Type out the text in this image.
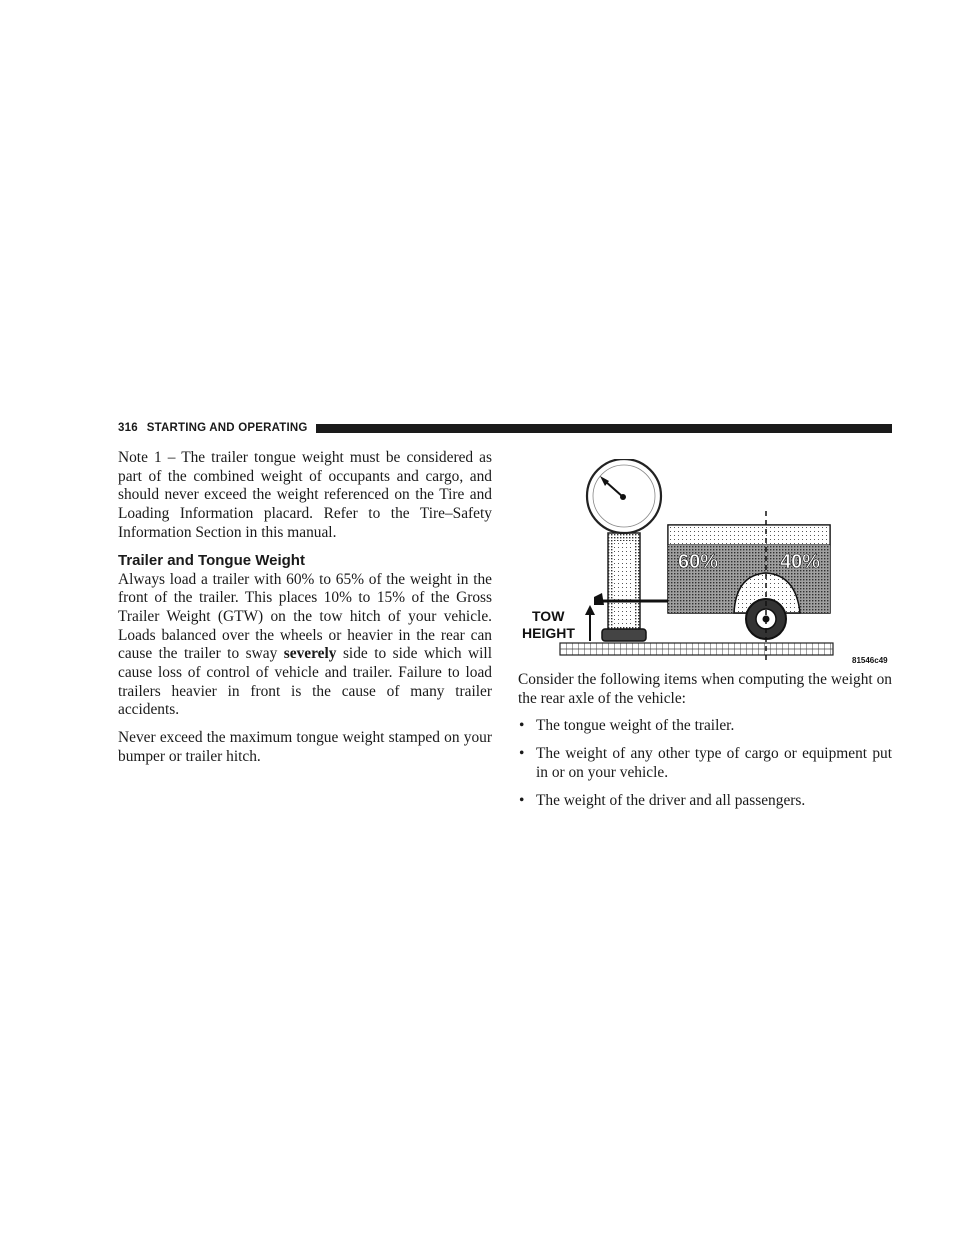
316 STARTING AND OPERATING

Note 1 – The trailer tongue weight must be considered as part of the combined weight of occupants and cargo, and should never exceed the weight referenced on the Tire and Loading Information placard. Refer to the Tire–Safety Information Section in this manual.

Trailer and Tongue Weight

Always load a trailer with 60% to 65% of the weight in the front of the trailer. This places 10% to 15% of the Gross Trailer Weight (GTW) on the tow hitch of your vehicle. Loads balanced over the wheels or heavier in the rear can cause the trailer to sway severely side to side which will cause loss of control of vehicle and trailer. Failure to load trailers heavier in front is the cause of many trailer accidents.

Never exceed the maximum tongue weight stamped on your bumper or trailer hitch.

60%	40%
TOW
HEIGHT
81546c49

Consider the following items when computing the weight on the rear axle of the vehicle:

• The tongue weight of the trailer.
• The weight of any other type of cargo or equipment put in or on your vehicle.
• The weight of the driver and all passengers.
